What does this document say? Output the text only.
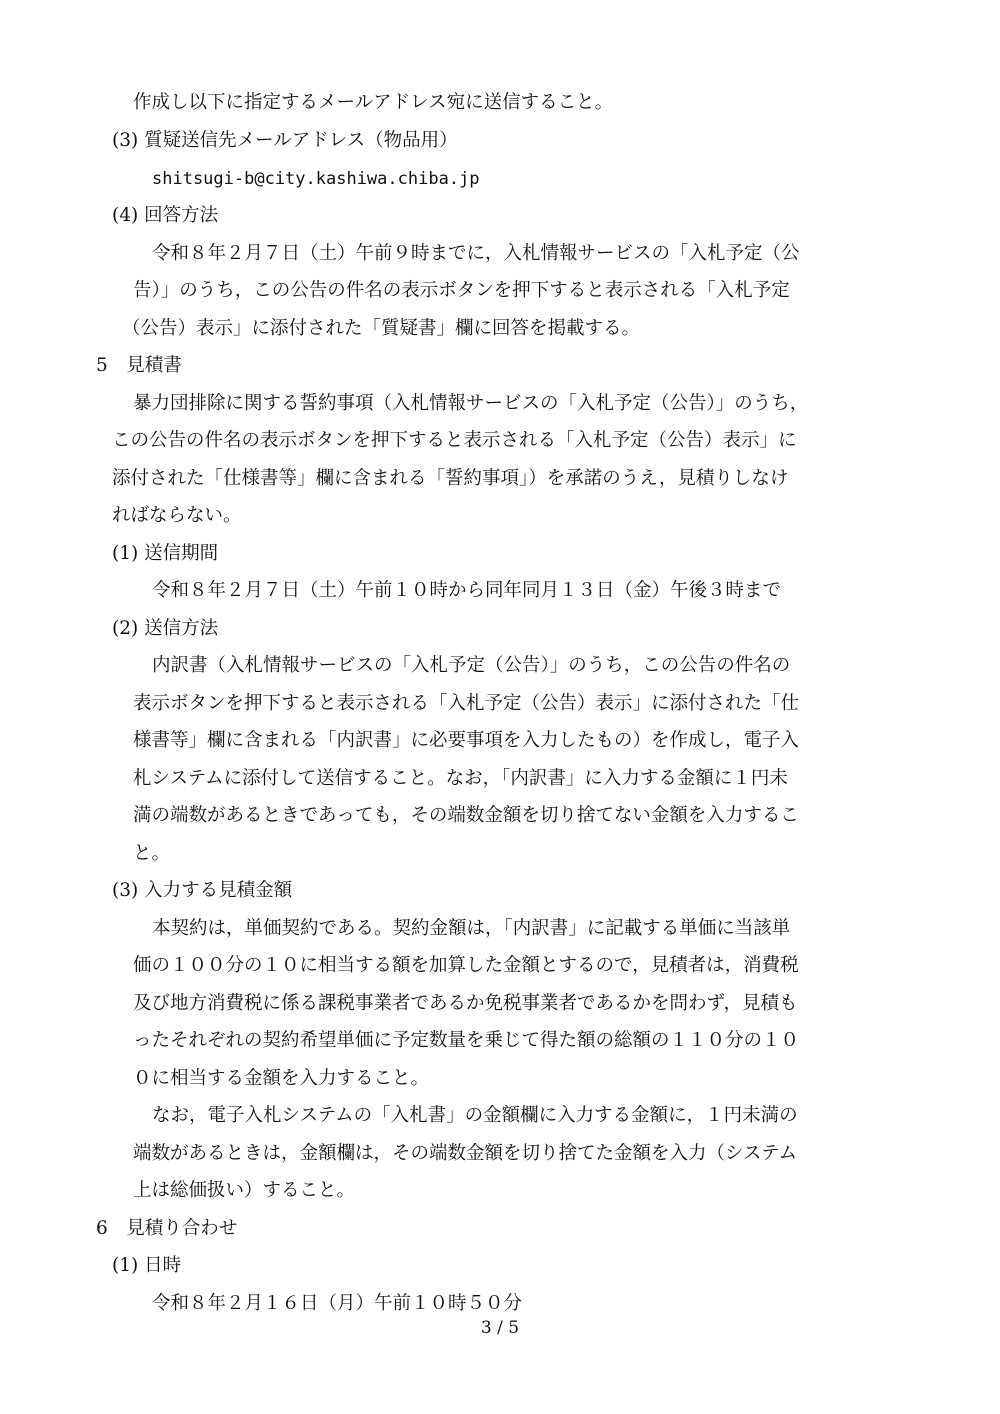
作成し以下に指定するメールアドレス宛に送信すること。
(3) 質疑送信先メールアドレス（物品用）
shitsugi-b@city.kashiwa.chiba.jp
(4) 回答方法
令和８年２月７日（土）午前９時までに，入札情報サービスの「入札予定（公
告）」のうち，この公告の件名の表示ボタンを押下すると表示される「入札予定
（公告）表示」に添付された「質疑書」欄に回答を掲載する。
5　見積書
暴力団排除に関する誓約事項（入札情報サービスの「入札予定（公告）」のうち，
この公告の件名の表示ボタンを押下すると表示される「入札予定（公告）表示」に
添付された「仕様書等」欄に含まれる「誓約事項」）を承諾のうえ，見積りしなけ
ればならない。
(1) 送信期間
令和８年２月７日（土）午前１０時から同年同月１３日（金）午後３時まで
(2) 送信方法
内訳書（入札情報サービスの「入札予定（公告）」のうち，この公告の件名の
表示ボタンを押下すると表示される「入札予定（公告）表示」に添付された「仕
様書等」欄に含まれる「内訳書」に必要事項を入力したもの）を作成し，電子入
札システムに添付して送信すること。なお，「内訳書」に入力する金額に１円未
満の端数があるときであっても，その端数金額を切り捨てない金額を入力するこ
と。
(3) 入力する見積金額
本契約は，単価契約である。契約金額は，「内訳書」に記載する単価に当該単
価の１００分の１０に相当する額を加算した金額とするので，見積者は，消費税
及び地方消費税に係る課税事業者であるか免税事業者であるかを問わず，見積も
ったそれぞれの契約希望単価に予定数量を乗じて得た額の総額の１１０分の１０
０に相当する金額を入力すること。
なお，電子入札システムの「入札書」の金額欄に入力する金額に，１円未満の
端数があるときは，金額欄は，その端数金額を切り捨てた金額を入力（システム
上は総価扱い）すること。
6　見積り合わせ
(1) 日時
令和８年２月１６日（月）午前１０時５０分
3 / 5
